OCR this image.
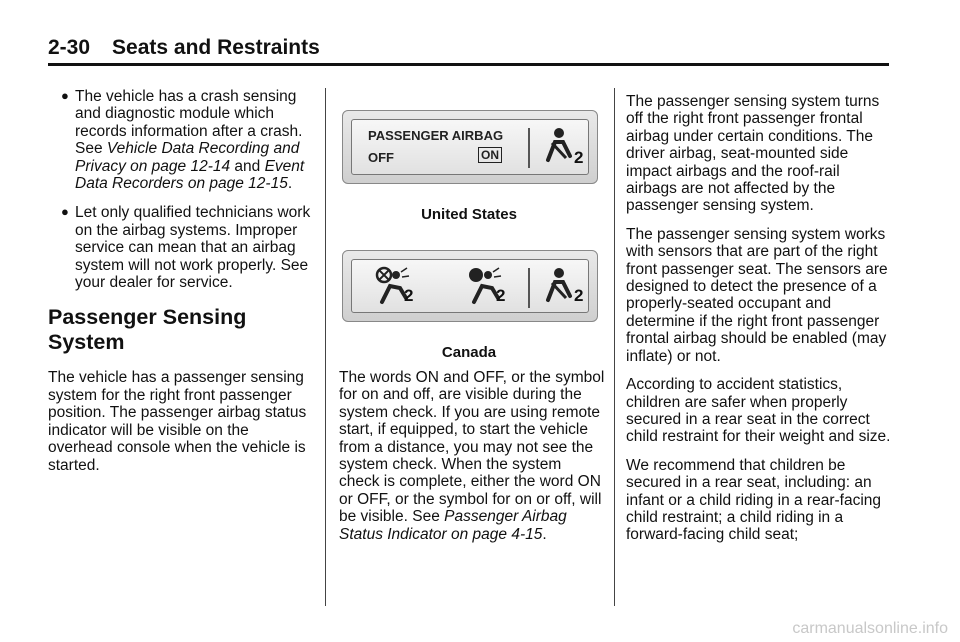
2-30 Seats and Restraints
● The vehicle has a crash sensing and diagnostic module which records information after a crash. See Vehicle Data Recording and Privacy on page 12-14 and Event Data Recorders on page 12-15.
● Let only qualified technicians work on the airbag systems. Improper service can mean that an airbag system will not work properly. See your dealer for service.
Passenger Sensing System

The vehicle has a passenger sensing system for the right front passenger position. The passenger airbag status indicator will be visible on the overhead console when the vehicle is started.

PASSENGER AIRBAG
OFF	ON	2
United States
2	2	2
Canada

The words ON and OFF, or the symbol for on and off, are visible during the system check. If you are using remote start, if equipped, to start the vehicle from a distance, you may not see the system check. When the system check is complete, either the word ON or OFF, or the symbol for on or off, will be visible. See Passenger Airbag Status Indicator on page 4-15.

The passenger sensing system turns off the right front passenger frontal airbag under certain conditions. The driver airbag, seat-mounted side impact airbags and the roof-rail airbags are not affected by the passenger sensing system.

The passenger sensing system works with sensors that are part of the right front passenger seat. The sensors are designed to detect the presence of a properly-seated occupant and determine if the right front passenger frontal airbag should be enabled (may inflate) or not.

According to accident statistics, children are safer when properly secured in a rear seat in the correct child restraint for their weight and size.

We recommend that children be secured in a rear seat, including: an infant or a child riding in a rear-facing child restraint; a child riding in a forward-facing child seat;

carmanualsonline.info
